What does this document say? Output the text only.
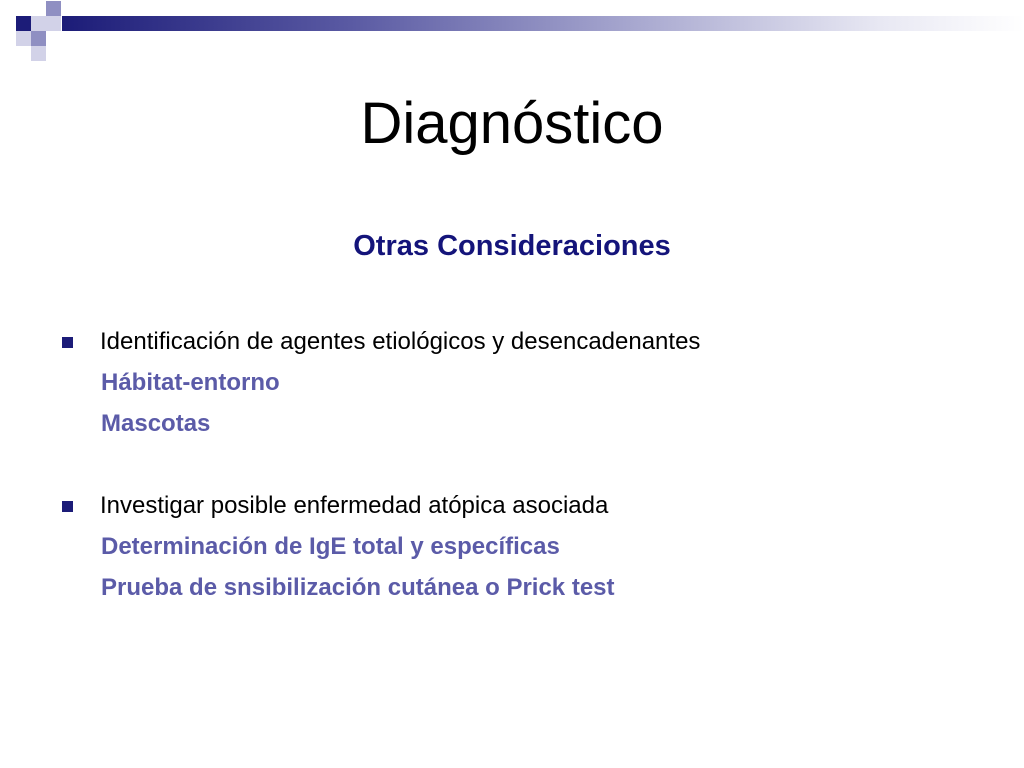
Diagnóstico
Otras Consideraciones
Identificación de agentes etiológicos y desencadenantes
Hábitat-entorno
Mascotas
Investigar posible enfermedad atópica asociada
Determinación de IgE total y específicas
Prueba de snsibilización cutánea o Prick test
